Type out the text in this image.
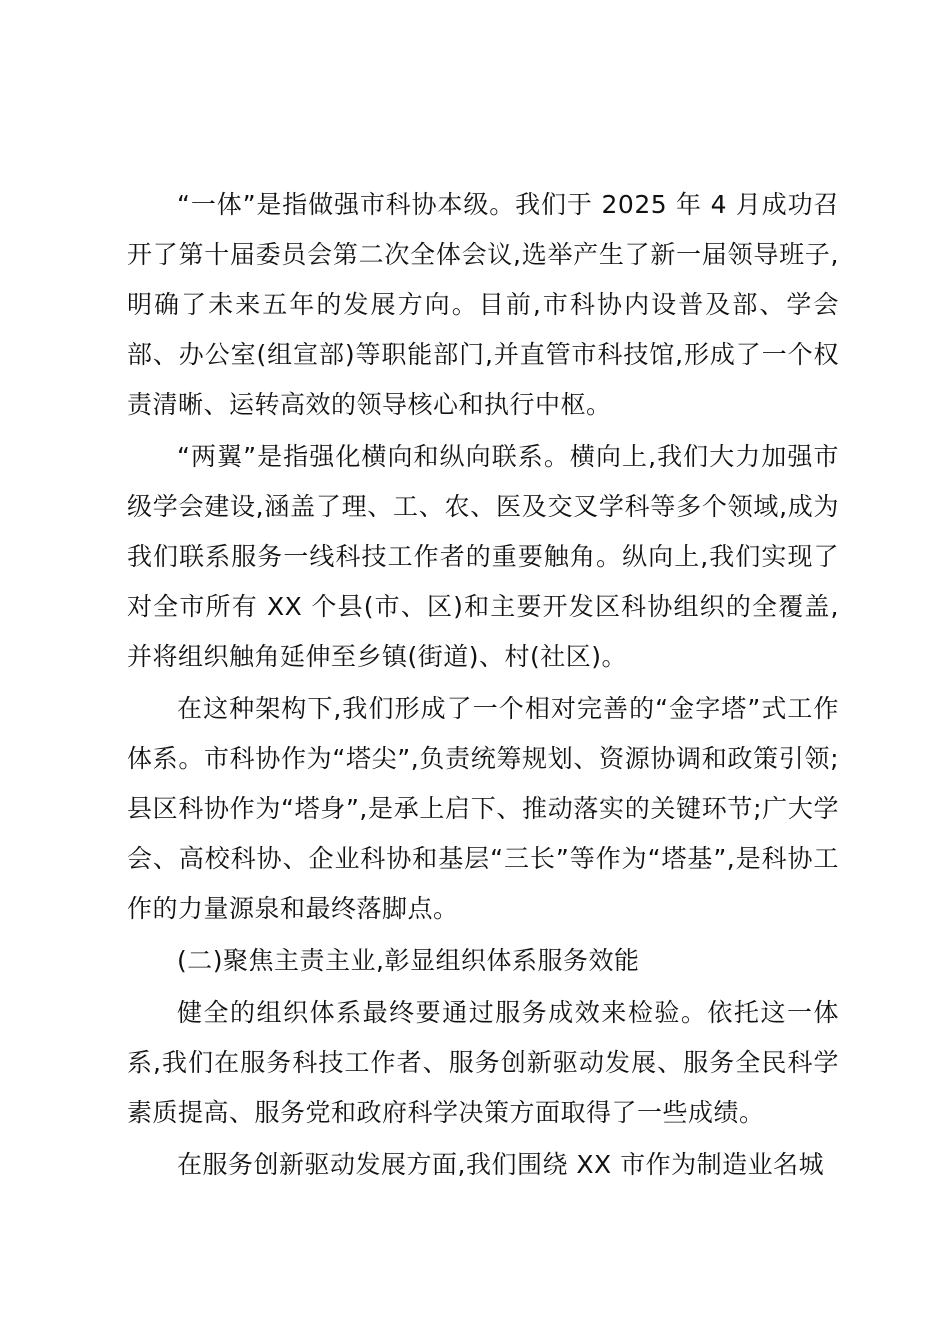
“一体”是指做强市科协本级。我们于 2025 年 4 月成功召开了第十届委员会第二次全体会议,选举产生了新一届领导班子,明确了未来五年的发展方向。目前,市科协内设普及部、学会部、办公室(组宣部)等职能部门,并直管市科技馆,形成了一个权责清晰、运转高效的领导核心和执行中枢。

“两翼”是指强化横向和纵向联系。横向上,我们大力加强市级学会建设,涵盖了理、工、农、医及交叉学科等多个领域,成为我们联系服务一线科技工作者的重要触角。纵向上,我们实现了对全市所有 XX 个县(市、区)和主要开发区科协组织的全覆盖,并将组织触角延伸至乡镇(街道)、村(社区)。

在这种架构下,我们形成了一个相对完善的“金字塔”式工作体系。市科协作为“塔尖”,负责统筹规划、资源协调和政策引领;县区科协作为“塔身”,是承上启下、推动落实的关键环节;广大学会、高校科协、企业科协和基层“三长”等作为“塔基”,是科协工作的力量源泉和最终落脚点。

(二)聚焦主责主业,彰显组织体系服务效能

健全的组织体系最终要通过服务成效来检验。依托这一体系,我们在服务科技工作者、服务创新驱动发展、服务全民科学素质提高、服务党和政府科学决策方面取得了一些成绩。

在服务创新驱动发展方面,我们围绕 XX 市作为制造业名城
